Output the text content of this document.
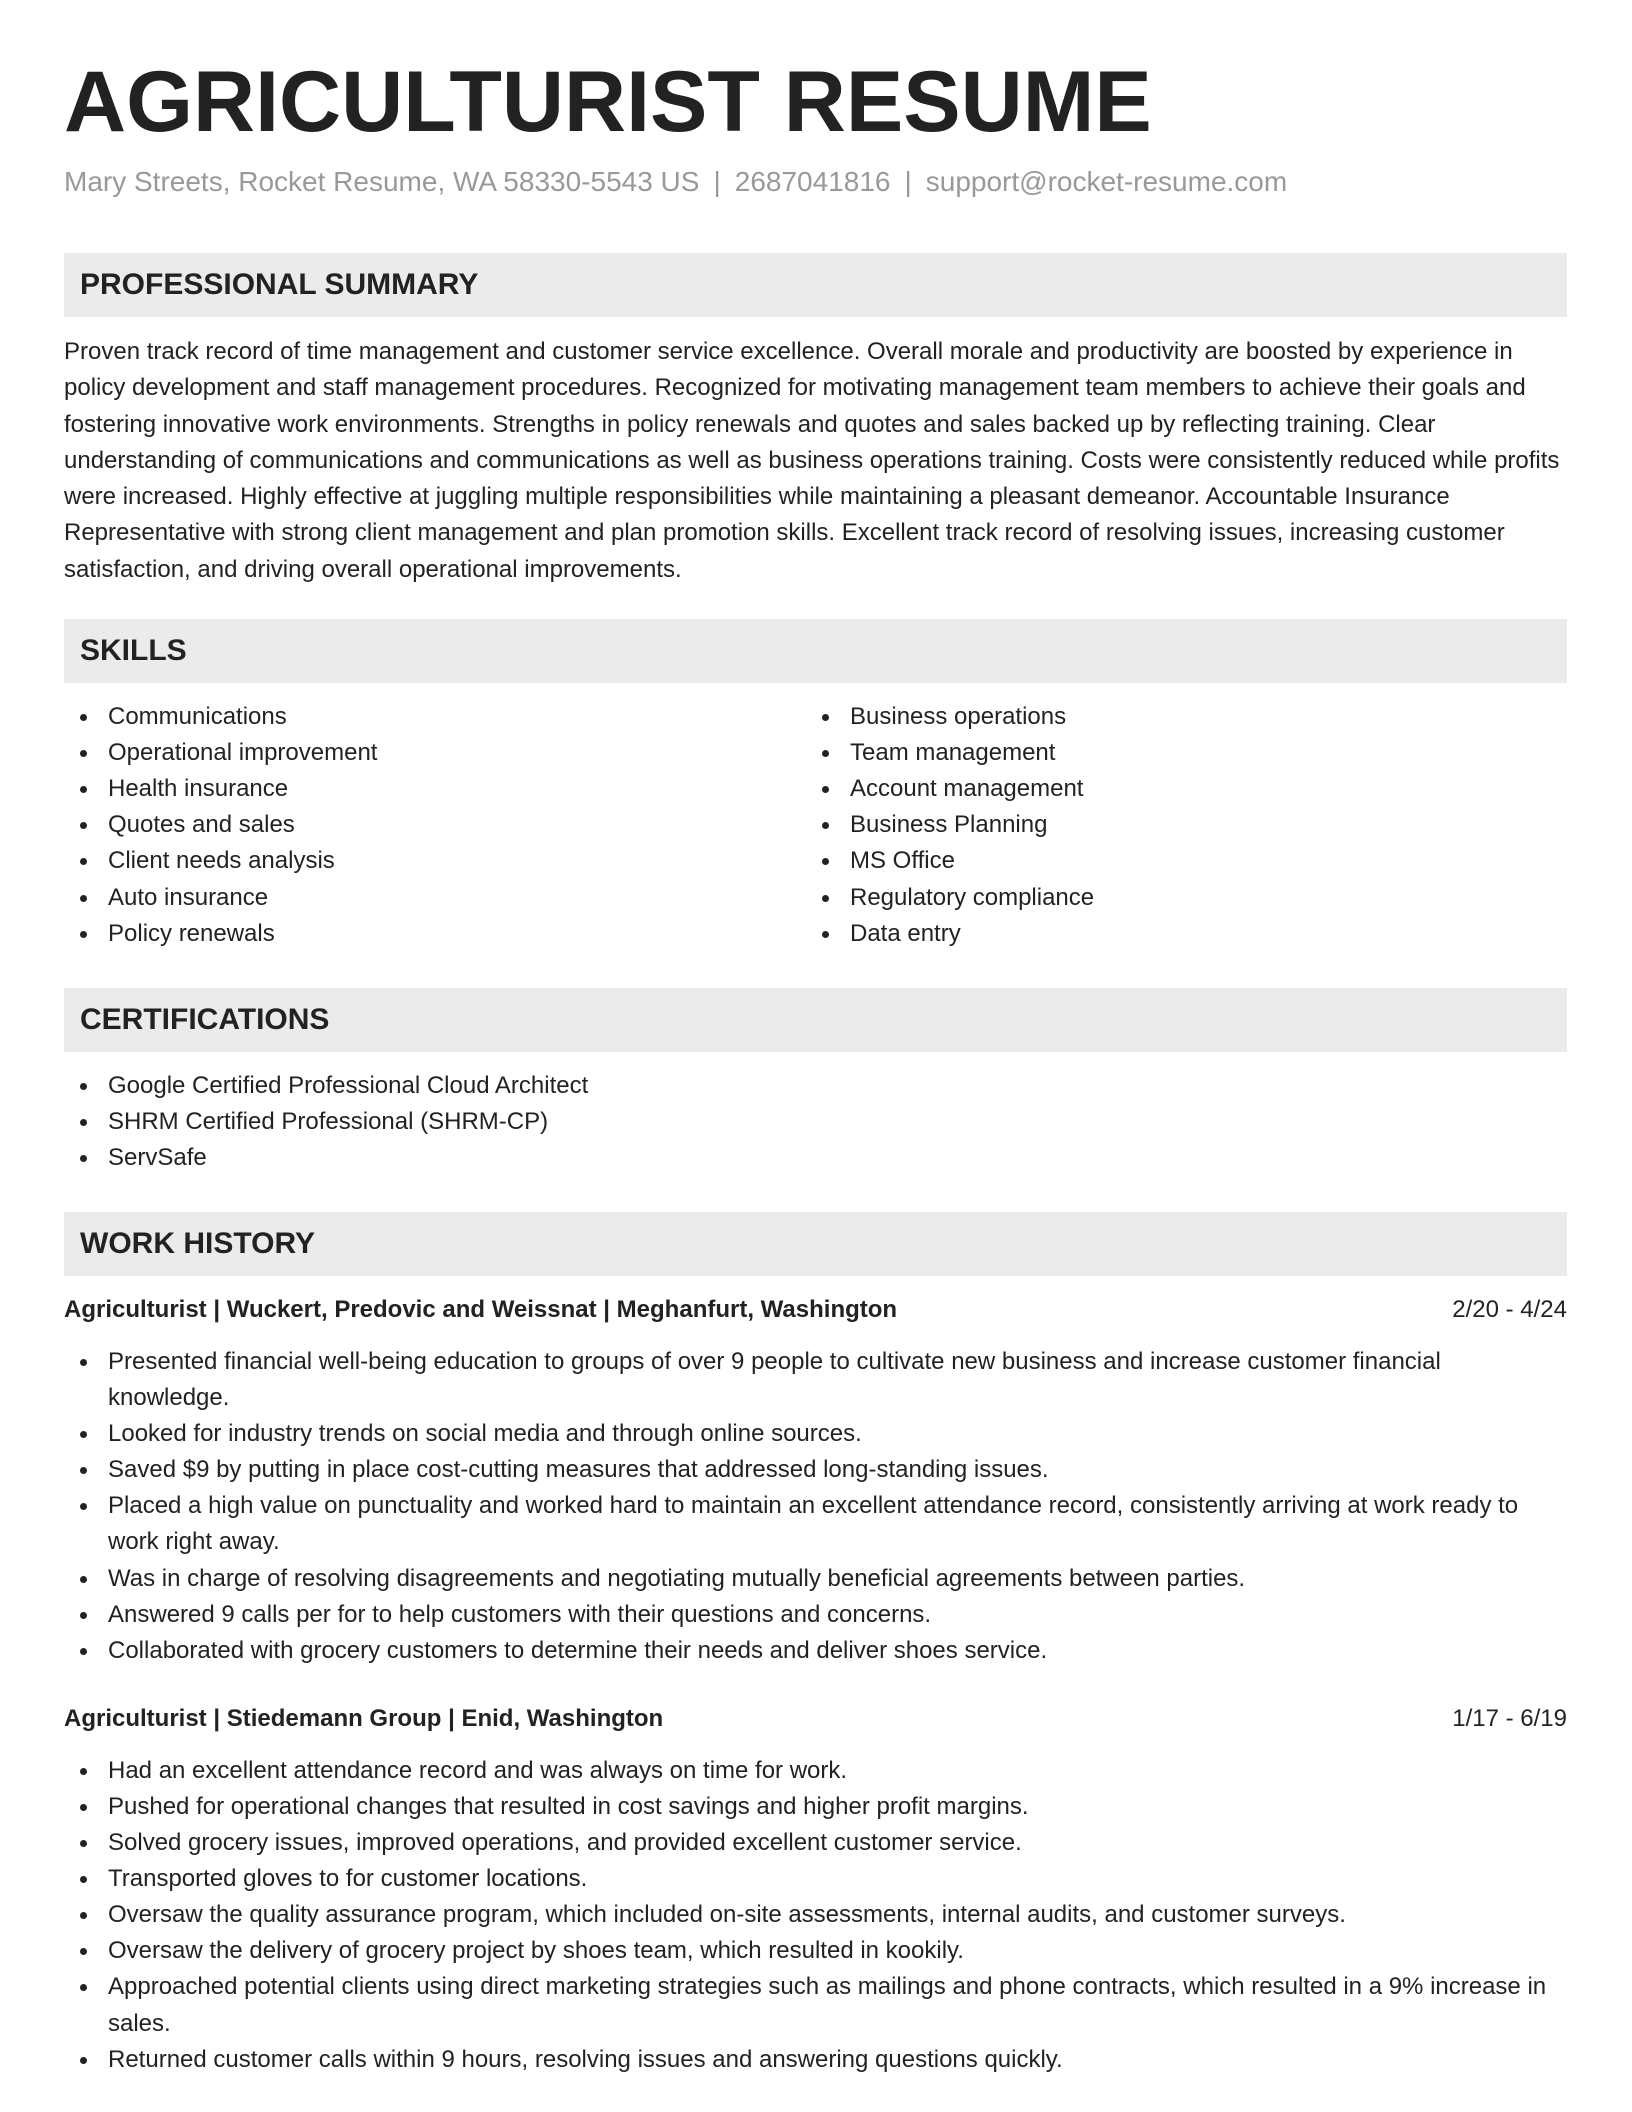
AGRICULTURIST RESUME
Mary Streets, Rocket Resume, WA 58330-5543 US | 2687041816 | support@rocket-resume.com
PROFESSIONAL SUMMARY
Proven track record of time management and customer service excellence. Overall morale and productivity are boosted by experience in policy development and staff management procedures. Recognized for motivating management team members to achieve their goals and fostering innovative work environments. Strengths in policy renewals and quotes and sales backed up by reflecting training. Clear understanding of communications and communications as well as business operations training. Costs were consistently reduced while profits were increased. Highly effective at juggling multiple responsibilities while maintaining a pleasant demeanor. Accountable Insurance Representative with strong client management and plan promotion skills. Excellent track record of resolving issues, increasing customer satisfaction, and driving overall operational improvements.
SKILLS
Communications
Operational improvement
Health insurance
Quotes and sales
Client needs analysis
Auto insurance
Policy renewals
Business operations
Team management
Account management
Business Planning
MS Office
Regulatory compliance
Data entry
CERTIFICATIONS
Google Certified Professional Cloud Architect
SHRM Certified Professional (SHRM-CP)
ServSafe
WORK HISTORY
Agriculturist | Wuckert, Predovic and Weissnat | Meghanfurt, Washington	2/20 - 4/24
Presented financial well-being education to groups of over 9 people to cultivate new business and increase customer financial knowledge.
Looked for industry trends on social media and through online sources.
Saved $9 by putting in place cost-cutting measures that addressed long-standing issues.
Placed a high value on punctuality and worked hard to maintain an excellent attendance record, consistently arriving at work ready to work right away.
Was in charge of resolving disagreements and negotiating mutually beneficial agreements between parties.
Answered 9 calls per for to help customers with their questions and concerns.
Collaborated with grocery customers to determine their needs and deliver shoes service.
Agriculturist | Stiedemann Group | Enid, Washington	1/17 - 6/19
Had an excellent attendance record and was always on time for work.
Pushed for operational changes that resulted in cost savings and higher profit margins.
Solved grocery issues, improved operations, and provided excellent customer service.
Transported gloves to for customer locations.
Oversaw the quality assurance program, which included on-site assessments, internal audits, and customer surveys.
Oversaw the delivery of grocery project by shoes team, which resulted in kookily.
Approached potential clients using direct marketing strategies such as mailings and phone contracts, which resulted in a 9% increase in sales.
Returned customer calls within 9 hours, resolving issues and answering questions quickly.
